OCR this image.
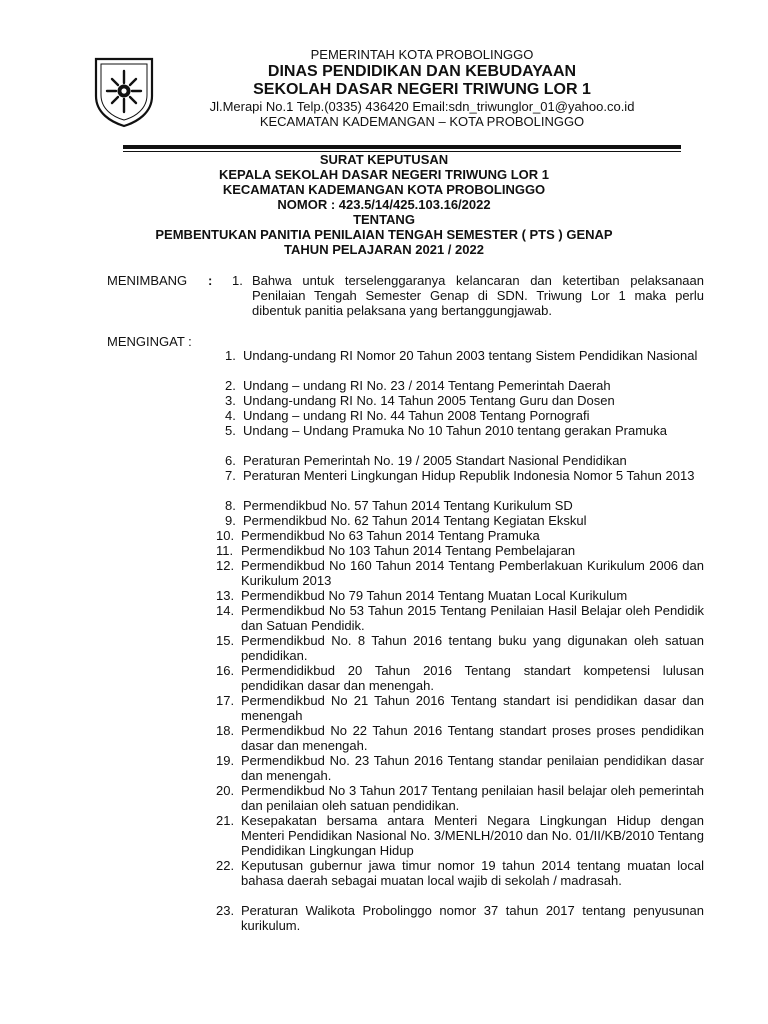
PEMERINTAH KOTA PROBOLINGGO
DINAS PENDIDIKAN DAN KEBUDAYAAN
SEKOLAH DASAR NEGERI TRIWUNG LOR 1
Jl.Merapi No.1 Telp.(0335) 436420 Email:sdn_triwunglor_01@yahoo.co.id
KECAMATAN KADEMANGAN – KOTA PROBOLINGGO
SURAT KEPUTUSAN
KEPALA SEKOLAH DASAR NEGERI TRIWUNG LOR 1
KECAMATAN KADEMANGAN KOTA PROBOLINGGO
NOMOR : 423.5/14/425.103.16/2022
TENTANG
PEMBENTUKAN PANITIA PENILAIAN TENGAH SEMESTER ( PTS ) GENAP
TAHUN PELAJARAN 2021 / 2022
MENIMBANG : 1. Bahwa untuk terselenggaranya kelancaran dan ketertiban pelaksanaan Penilaian Tengah Semester Genap di SDN. Triwung Lor 1 maka perlu dibentuk panitia pelaksana yang bertanggungjawab.
MENGINGAT :
1. Undang-undang RI Nomor 20 Tahun 2003 tentang Sistem Pendidikan Nasional
2. Undang – undang RI No. 23 / 2014 Tentang Pemerintah Daerah
3. Undang-undang RI No. 14 Tahun 2005 Tentang Guru dan Dosen
4. Undang – undang RI No. 44 Tahun 2008 Tentang Pornografi
5. Undang – Undang Pramuka No 10 Tahun 2010 tentang gerakan Pramuka
6. Peraturan Pemerintah No. 19 / 2005 Standart Nasional Pendidikan
7. Peraturan Menteri Lingkungan Hidup Republik Indonesia Nomor 5 Tahun 2013
8. Permendikbud No. 57 Tahun 2014 Tentang Kurikulum SD
9. Permendikbud No. 62 Tahun 2014 Tentang Kegiatan Ekskul
10. Permendikbud No 63 Tahun 2014 Tentang Pramuka
11. Permendikbud No 103 Tahun 2014 Tentang Pembelajaran
12. Permendikbud No 160 Tahun 2014 Tentang Pemberlakuan Kurikulum 2006 dan Kurikulum 2013
13. Permendikbud No 79 Tahun 2014 Tentang Muatan Local Kurikulum
14. Permendikbud No 53 Tahun 2015 Tentang Penilaian Hasil Belajar oleh Pendidik dan Satuan Pendidik.
15. Permendikbud No. 8 Tahun 2016 tentang buku yang digunakan oleh satuan pendidikan.
16. Permendidikbud 20 Tahun 2016 Tentang standart kompetensi lulusan pendidikan dasar dan menengah.
17. Permendikbud No 21 Tahun 2016 Tentang standart isi pendidikan dasar dan menengah
18. Permendikbud No 22 Tahun 2016 Tentang standart proses proses pendidikan dasar dan menengah.
19. Permendikbud No. 23 Tahun 2016 Tentang standar penilaian pendidikan dasar dan menengah.
20. Permendikbud No 3 Tahun 2017 Tentang penilaian hasil belajar oleh pemerintah dan penilaian oleh satuan pendidikan.
21. Kesepakatan bersama antara Menteri Negara Lingkungan Hidup dengan Menteri Pendidikan Nasional No. 3/MENLH/2010 dan No. 01/II/KB/2010 Tentang Pendidikan Lingkungan Hidup
22. Keputusan gubernur jawa timur nomor 19 tahun 2014 tentang muatan local bahasa daerah sebagai muatan local wajib di sekolah / madrasah.
23. Peraturan Walikota Probolinggo nomor 37 tahun 2017 tentang penyusunan kurikulum.
